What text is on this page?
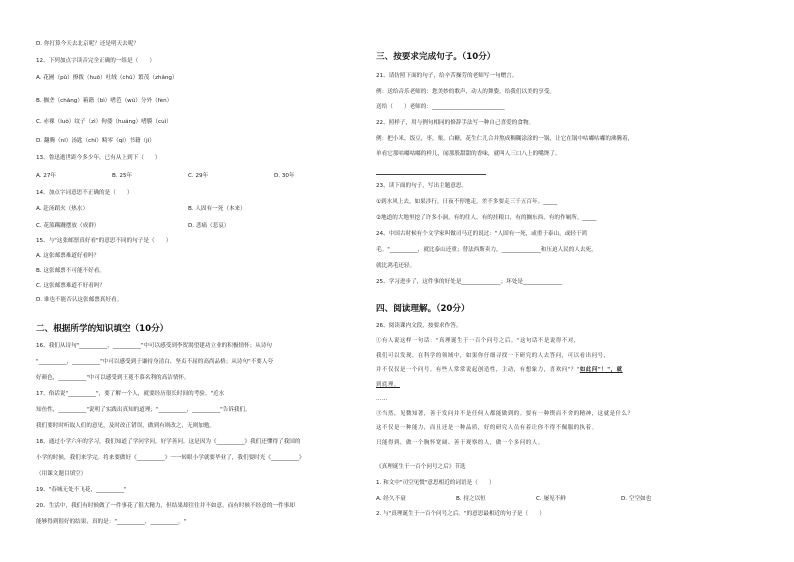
D. 你打算今天去北京呢？还是明天去呢？
12、下列加点字读音完全正确的一组是（　　）
A. 花圃（pǔ）撩拨（huō）吐绒（chǔ）繁茂（zhǎng）
B. 搁垄（chǎng）箱籍（bì）嗜芭（wù）分外（fèn）
C. 赤裸（luǒ）纹子（zì）佝偻（huáng）嗜膜（cuì）
D. 翻腾（nī）汤匙（chí）畸零（qí）书籍（jí）
13、鲁迅逝世距今多少年，已有从上到下（　　）
A. 27年	B. 25年	C. 29年	D. 30年
14、加点字词意思不正确的是（　　）
A. 赴汤蹈火（热水）	B. 人固有一死（本来）
C. 花篮蹒跚摆放（成群）	D. 悲痛（悲哀）
15、与"这张邮票真好看"的意思不同的句子是（　　）
A. 这张邮票难道好看吗？
B. 这张邮票不可能不好看。
C. 这张邮票难道不好看吗？
D. 谁也不能否认这张邮票真好看。
二、根据所学的知识填空（10分）
16、我们从诗句"__________，__________"中可以感受到李贺渴望建功立业的积极情怀；从诗句
"__________，__________"中可以感受到于谦持身清白、坚贞不屈的高尚品格；从诗句"不要人夸
好颜色，__________"中可以感受到王冕不慕名利的高洁情怀。
17、俗话说"__________"，要了解一个人，就要经历很长时间的考验。"近水
知鱼性，__________"说明了实践出真知的道理；"__________，__________"告诉我们，
我们要时时听取人们的意见，及时改正错误，做到有则改之，无则加勉。
18、通过小学六年的学习，我们知道了学问学问，好学善问。这是因为《__________》我们还懂得了我国的
小学的时候，我们来学完。将来要做好《__________》一一转眼小学就要毕业了，我们要时光《__________》
（用课文题目填空）
19、"春城无处不飞花，__________"
20、生活中，我们有时候做了一件事花了很大精力，但结果却往往并不如意，而有时候不经意的一件事却
能够得到很好的结果，真的是："__________，__________。"
三、按要求完成句子。（10分）
21、请仿照下面的句子，给辛苦操劳的老师写一句赠言。
例：送给音乐老师的：您美妙的歌声，动人的舞姿，给我们以美的享受。
送给（　　）老师的：__________________________
22、照样子，用与例句相同的修辞手法写一种自己喜爱的食物。
例：把小米，饭豆，枣，栗，白糖，花生仁儿合并熬成稠糊涂涂的一锅，让它在锅中咕嘟咕嘟的沸腾着，
单看它那咕嘟咕嘟的样儿，闻那股甜甜的香味，就叫人三口八上的嘴馋了。
23、读下面的句子，写出主题意思。
①到水风上去，如果涉行，日夜不停地走，差不多要走三千五百年。_____
②地道的大地里挖了许多小洞，有的往人，有的挂粮口，有的搁东西，有的作厕所。_____
24、中国古时候有个文学家叫做司马迁的说过："人固有一死，或重于泰山，或轻于鸿
毛。"__________，就比泰山还重；替法西斯卖力，______________和压迫人民的人去死，
就比鸿毛还轻。
25、学习进步了，这件事的好处是______________；坏处是______________
四、阅读理解。（20分）
26、阅读课内文段，按要求作答。
①有人说这样一句话："真理诞生于一百个问号之后。"这句话不是说得不对，
我们可以发现，在科学的领域中，如果你仔细寻找一下研究的人去答问，可以看出问号，
并不仅仅是一个问号。有些人常常说起创造性，主动，有想象力，喜欢问"？"如此问"！"，就
到底理。
……
③当然，见微知著，善于发问并不是任何人都能做到的。要有一种锲而不舍的精神，这就是什么？
这不仅是一种能力，而且还是一种品质，好的研究人员有着让你不得不佩服的执着。
只能得到，做一个胸怀宽阔、善于观察的人，做一个多问的人。
《真理诞生于一百个问号之后》节选
1. 和文中"司空见惯"意思相近的词语是（　　）
A. 经久不衰	B. 持之以恒	C. 屡见不鲜	D. 空空如也
2. 与"真理诞生于一百个问号之后。"的意思最相近的句子是（　　）
